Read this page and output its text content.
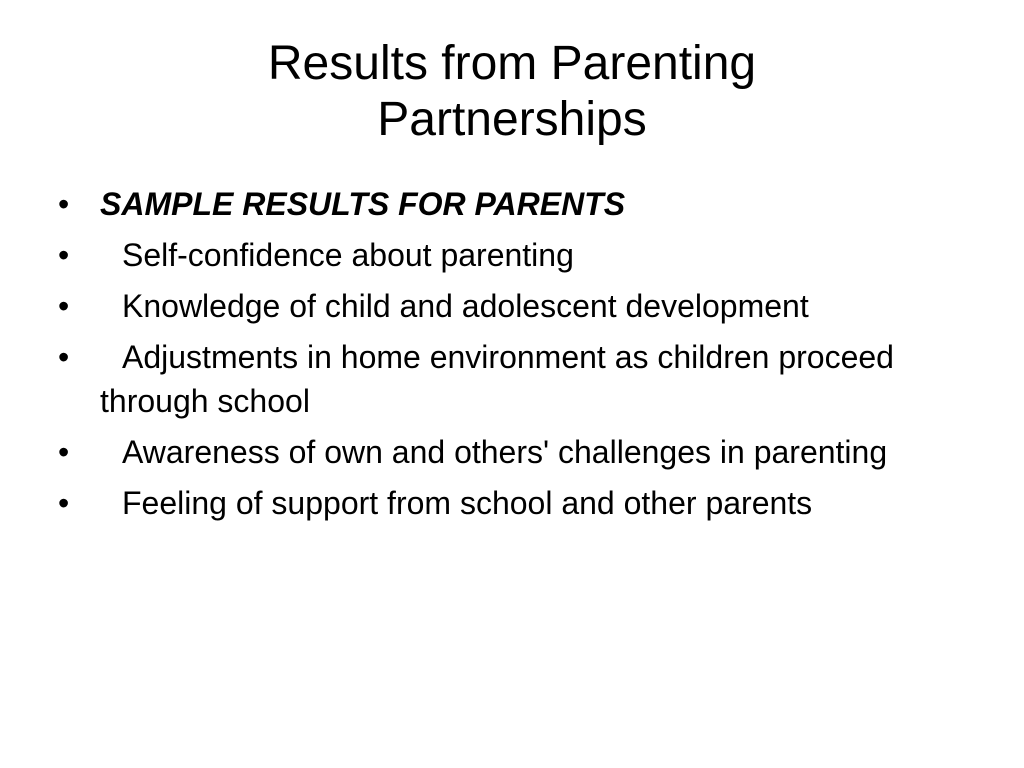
Results from Parenting
Partnerships
• SAMPLE RESULTS FOR PARENTS
•	Self-confidence about parenting
•	Knowledge of child and adolescent development
•	Adjustments in home environment as children proceed through school
•	Awareness of own and others' challenges in parenting
•	Feeling of support from school and other parents
